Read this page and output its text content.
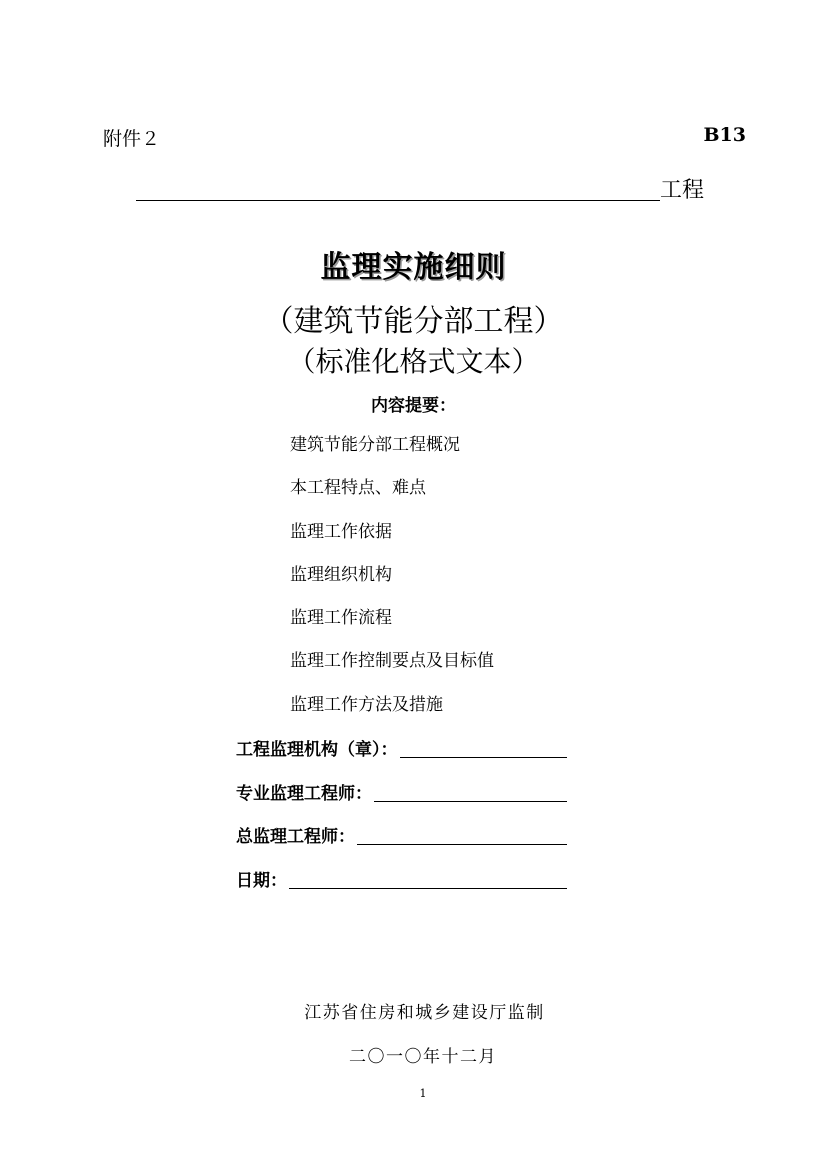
附件２	B13
工程
监理实施细则
（建筑节能分部工程）
（标准化格式文本）
内容提要：
建筑节能分部工程概况
本工程特点、难点
监理工作依据
监理组织机构
监理工作流程
监理工作控制要点及目标值
监理工作方法及措施
工程监理机构（章）：
专业监理工程师：
总监理工程师：
日期：
江苏省住房和城乡建设厅监制
二〇一〇年十二月
1
